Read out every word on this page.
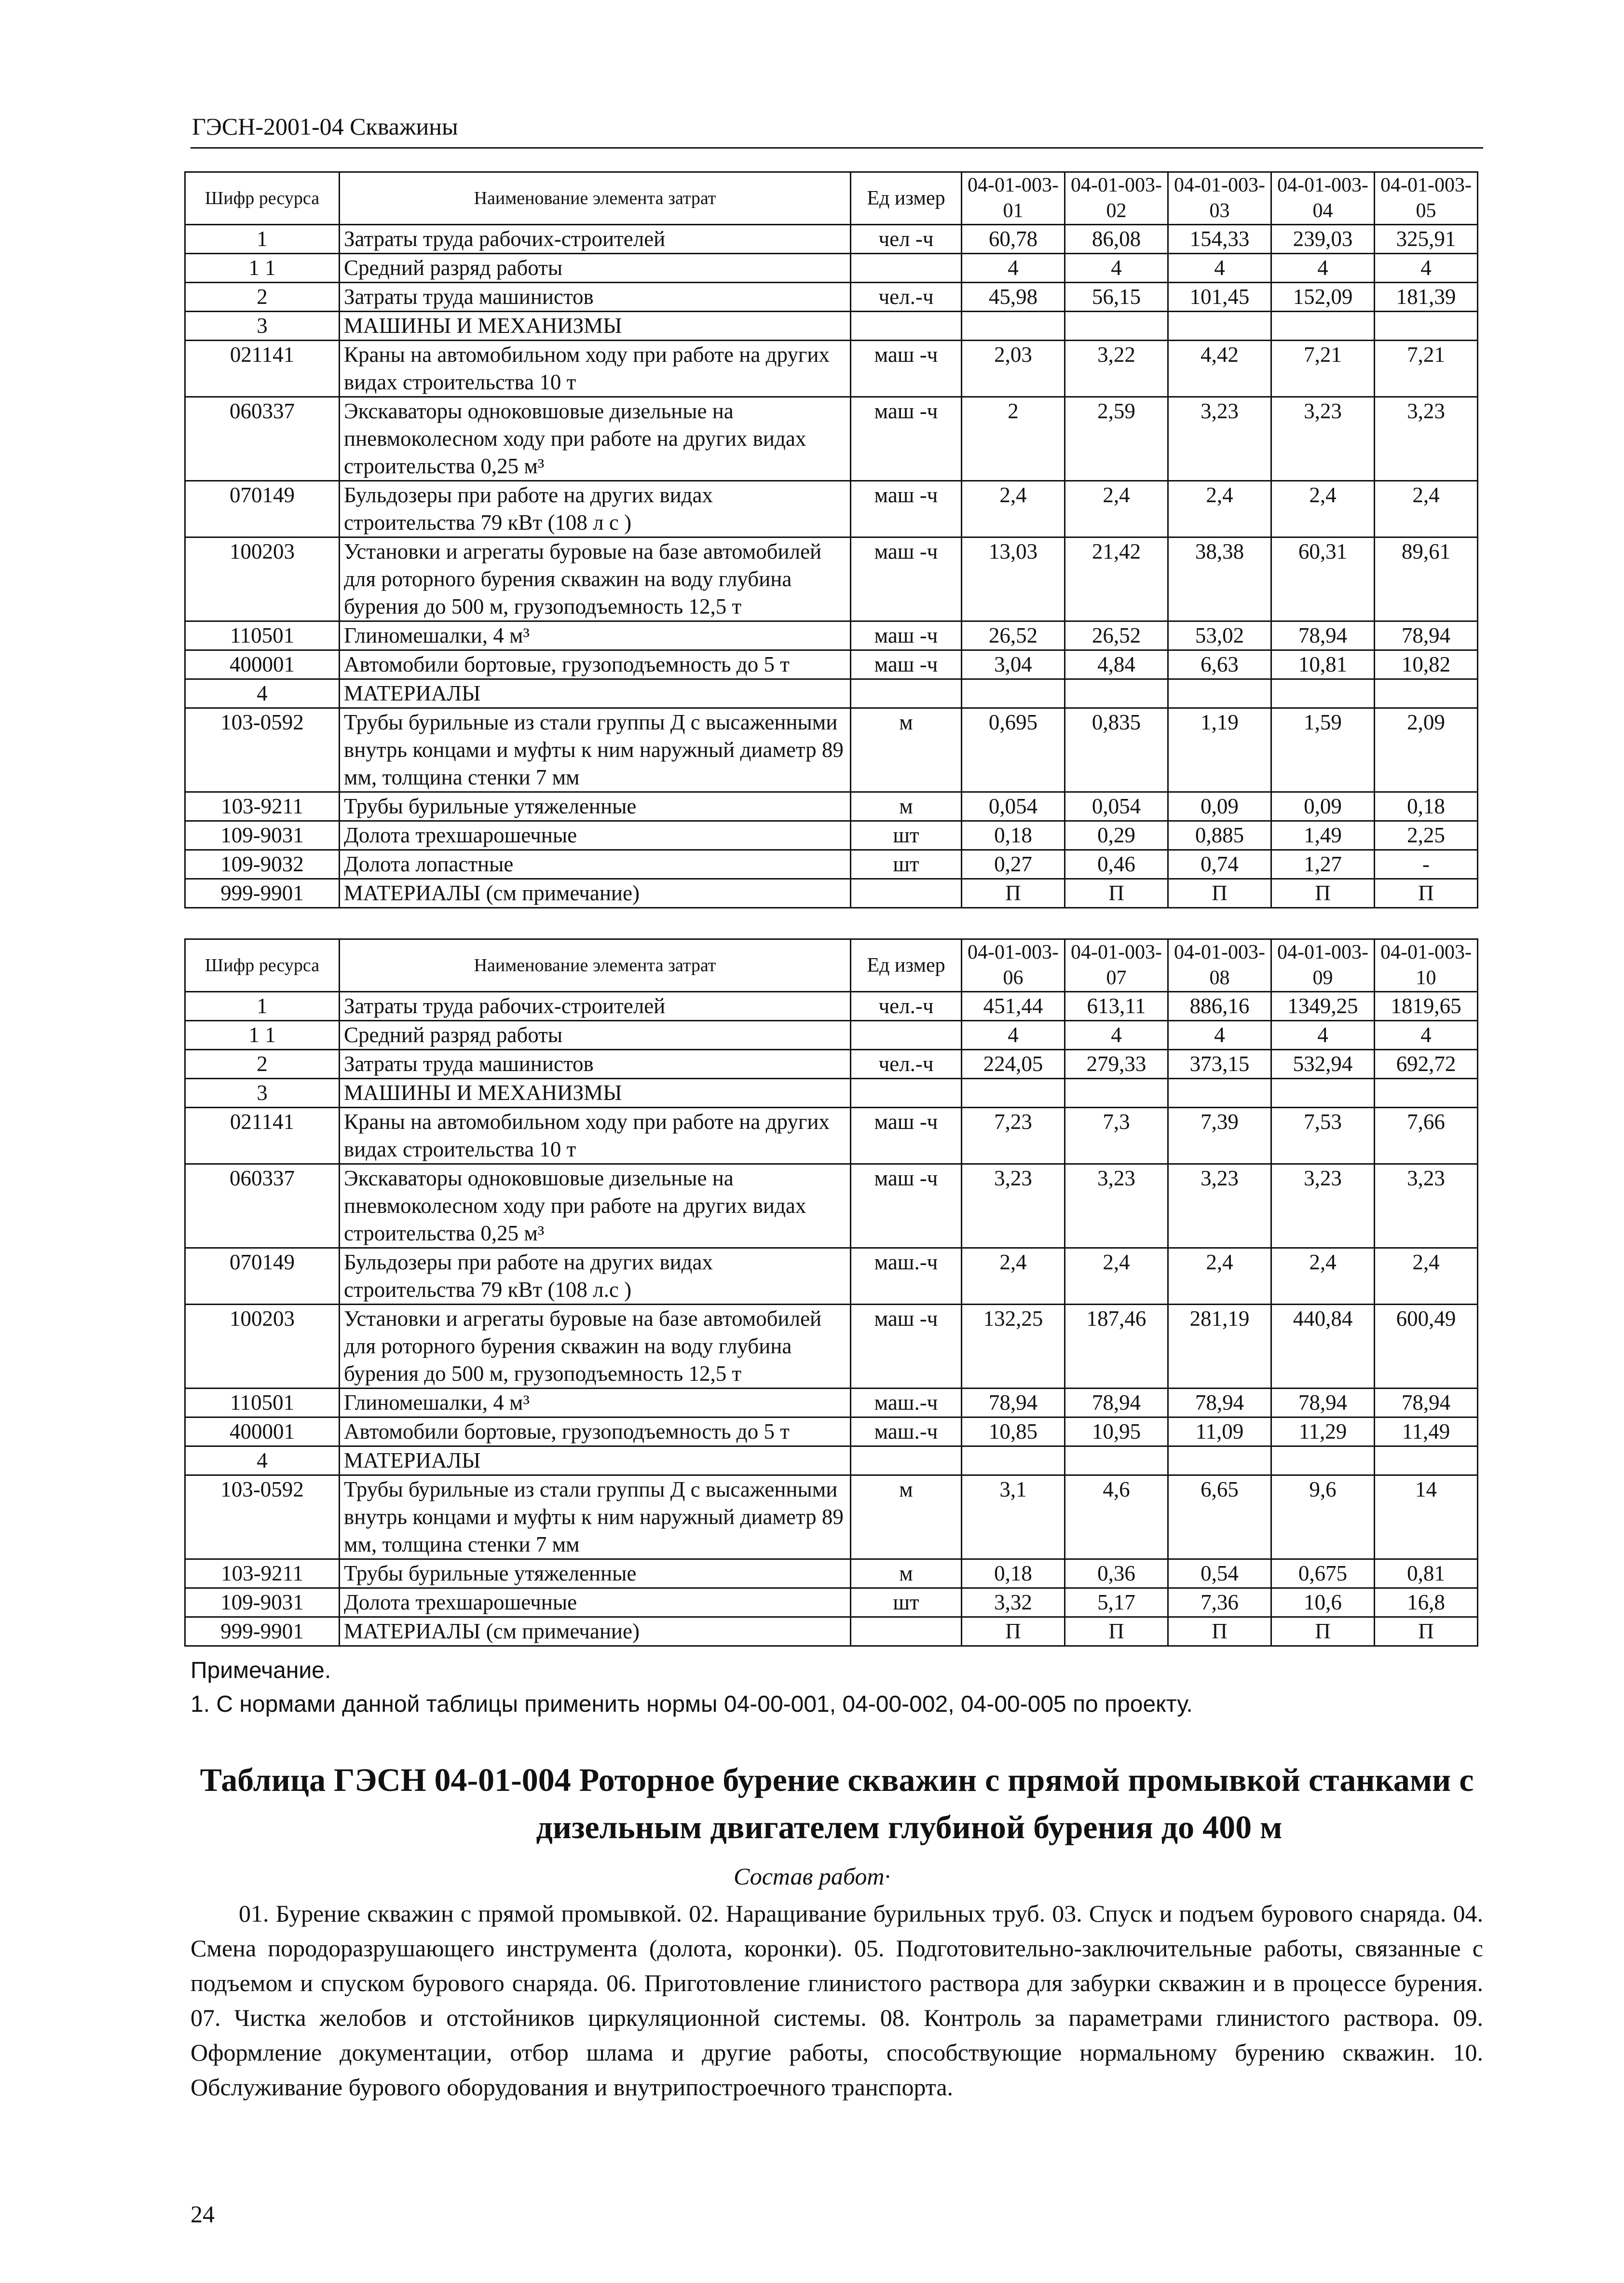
ГЭСН-2001-04 Скважины
Шифр ресурса	Наименование элемента затрат	Ед измер	04-01-003-01	04-01-003-02	04-01-003-03	04-01-003-04	04-01-003-05
1	Затраты труда рабочих-строителей	чел -ч	60,78	86,08	154,33	239,03	325,91
1 1	Средний разряд работы		4	4	4	4	4
2	Затраты труда машинистов	чел.-ч	45,98	56,15	101,45	152,09	181,39
3	МАШИНЫ И МЕХАНИЗМЫ						
021141	Краны на автомобильном ходу при работе на других видах строительства 10 т	маш -ч	2,03	3,22	4,42	7,21	7,21
060337	Экскаваторы одноковшовые дизельные на пневмоколесном ходу при работе на других видах строительства 0,25 м³	маш -ч	2	2,59	3,23	3,23	3,23
070149	Бульдозеры при работе на других видах строительства 79 кВт (108 л с )	маш -ч	2,4	2,4	2,4	2,4	2,4
100203	Установки и агрегаты буровые на базе автомобилей для роторного бурения скважин на воду глубина бурения до 500 м, грузоподъемность 12,5 т	маш -ч	13,03	21,42	38,38	60,31	89,61
110501	Глиномешалки, 4 м³	маш -ч	26,52	26,52	53,02	78,94	78,94
400001	Автомобили бортовые, грузоподъемность до 5 т	маш -ч	3,04	4,84	6,63	10,81	10,82
4	МАТЕРИАЛЫ						
103-0592	Трубы бурильные из стали группы Д с высаженными внутрь концами и муфты к ним наружный диаметр 89 мм, толщина стенки 7 мм	м	0,695	0,835	1,19	1,59	2,09
103-9211	Трубы бурильные утяжеленные	м	0,054	0,054	0,09	0,09	0,18
109-9031	Долота трехшарошечные	шт	0,18	0,29	0,885	1,49	2,25
109-9032	Долота лопастные	шт	0,27	0,46	0,74	1,27	-
999-9901	МАТЕРИАЛЫ (см примечание)		П	П	П	П	П
Шифр ресурса	Наименование элемента затрат	Ед измер	04-01-003-06	04-01-003-07	04-01-003-08	04-01-003-09	04-01-003-10
1	Затраты труда рабочих-строителей	чел.-ч	451,44	613,11	886,16	1349,25	1819,65
1 1	Средний разряд работы		4	4	4	4	4
2	Затраты труда машинистов	чел.-ч	224,05	279,33	373,15	532,94	692,72
3	МАШИНЫ И МЕХАНИЗМЫ						
021141	Краны на автомобильном ходу при работе на других видах строительства 10 т	маш -ч	7,23	7,3	7,39	7,53	7,66
060337	Экскаваторы одноковшовые дизельные на пневмоколесном ходу при работе на других видах строительства 0,25 м³	маш -ч	3,23	3,23	3,23	3,23	3,23
070149	Бульдозеры при работе на других видах строительства 79 кВт (108 л.с )	маш.-ч	2,4	2,4	2,4	2,4	2,4
100203	Установки и агрегаты буровые на базе автомобилей для роторного бурения скважин на воду глубина бурения до 500 м, грузоподъемность 12,5 т	маш -ч	132,25	187,46	281,19	440,84	600,49
110501	Глиномешалки, 4 м³	маш.-ч	78,94	78,94	78,94	78,94	78,94
400001	Автомобили бортовые, грузоподъемность до 5 т	маш.-ч	10,85	10,95	11,09	11,29	11,49
4	МАТЕРИАЛЫ						
103-0592	Трубы бурильные из стали группы Д с высаженными внутрь концами и муфты к ним наружный диаметр 89 мм, толщина стенки 7 мм	м	3,1	4,6	6,65	9,6	14
103-9211	Трубы бурильные утяжеленные	м	0,18	0,36	0,54	0,675	0,81
109-9031	Долота трехшарошечные	шт	3,32	5,17	7,36	10,6	16,8
999-9901	МАТЕРИАЛЫ (см примечание)		П	П	П	П	П
Примечание.
1. С нормами данной таблицы применить нормы 04-00-001, 04-00-002, 04-00-005 по проекту.
Таблица ГЭСН 04-01-004 Роторное бурение скважин с прямой промывкой станками с
дизельным двигателем глубиной бурения до 400 м
Состав работ·
01. Бурение скважин с прямой промывкой. 02. Наращивание бурильных труб. 03. Спуск и подъем бурового снаряда. 04. Смена породоразрушающего инструмента (долота, коронки). 05. Подготовительно-заключительные работы, связанные с подъемом и спуском бурового снаряда. 06. Приготовление глинистого раствора для забурки скважин и в процессе бурения. 07. Чистка желобов и отстойников циркуляционной системы. 08. Контроль за параметрами глинистого раствора. 09. Оформление документации, отбор шлама и другие работы, способствующие нормальному бурению скважин. 10. Обслуживание бурового оборудования и внутрипостроечного транспорта.
24
